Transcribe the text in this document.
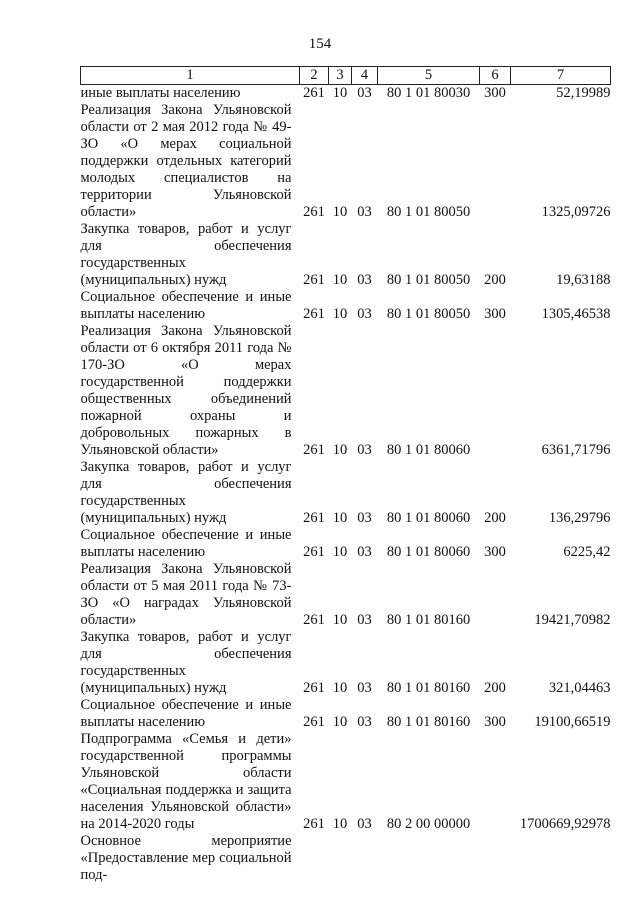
154
1	2	3	4	5	6	7
иные выплаты населению	261	10	03	80 1 01 80030	300	52,19989
Реализация Закона Ульяновской области от 2 мая 2012 года № 49-ЗО «О мерах социальной поддержки отдельных категорий молодых специалистов на территории Ульяновской области»	261	10	03	80 1 01 80050		1325,09726
Закупка товаров, работ и услуг для обеспечения государственных (муниципальных) нужд	261	10	03	80 1 01 80050	200	19,63188
Социальное обеспечение и иные выплаты населению	261	10	03	80 1 01 80050	300	1305,46538
Реализация Закона Ульяновской области от 6 октября 2011 года № 170-ЗО «О мерах государственной поддержки общественных объединений пожарной охраны и добровольных пожарных в Ульяновской области»	261	10	03	80 1 01 80060		6361,71796
Закупка товаров, работ и услуг для обеспечения государственных (муниципальных) нужд	261	10	03	80 1 01 80060	200	136,29796
Социальное обеспечение и иные выплаты населению	261	10	03	80 1 01 80060	300	6225,42
Реализация Закона Ульяновской области от 5 мая 2011 года № 73-ЗО «О наградах Ульяновской области»	261	10	03	80 1 01 80160		19421,70982
Закупка товаров, работ и услуг для обеспечения государственных (муниципальных) нужд	261	10	03	80 1 01 80160	200	321,04463
Социальное обеспечение и иные выплаты населению	261	10	03	80 1 01 80160	300	19100,66519
Подпрограмма «Семья и дети» государственной программы Ульяновской области «Социальная поддержка и защита населения Ульяновской области» на 2014-2020 годы	261	10	03	80 2 00 00000		1700669,92978
Основное мероприятие «Предоставление мер социальной под-						
